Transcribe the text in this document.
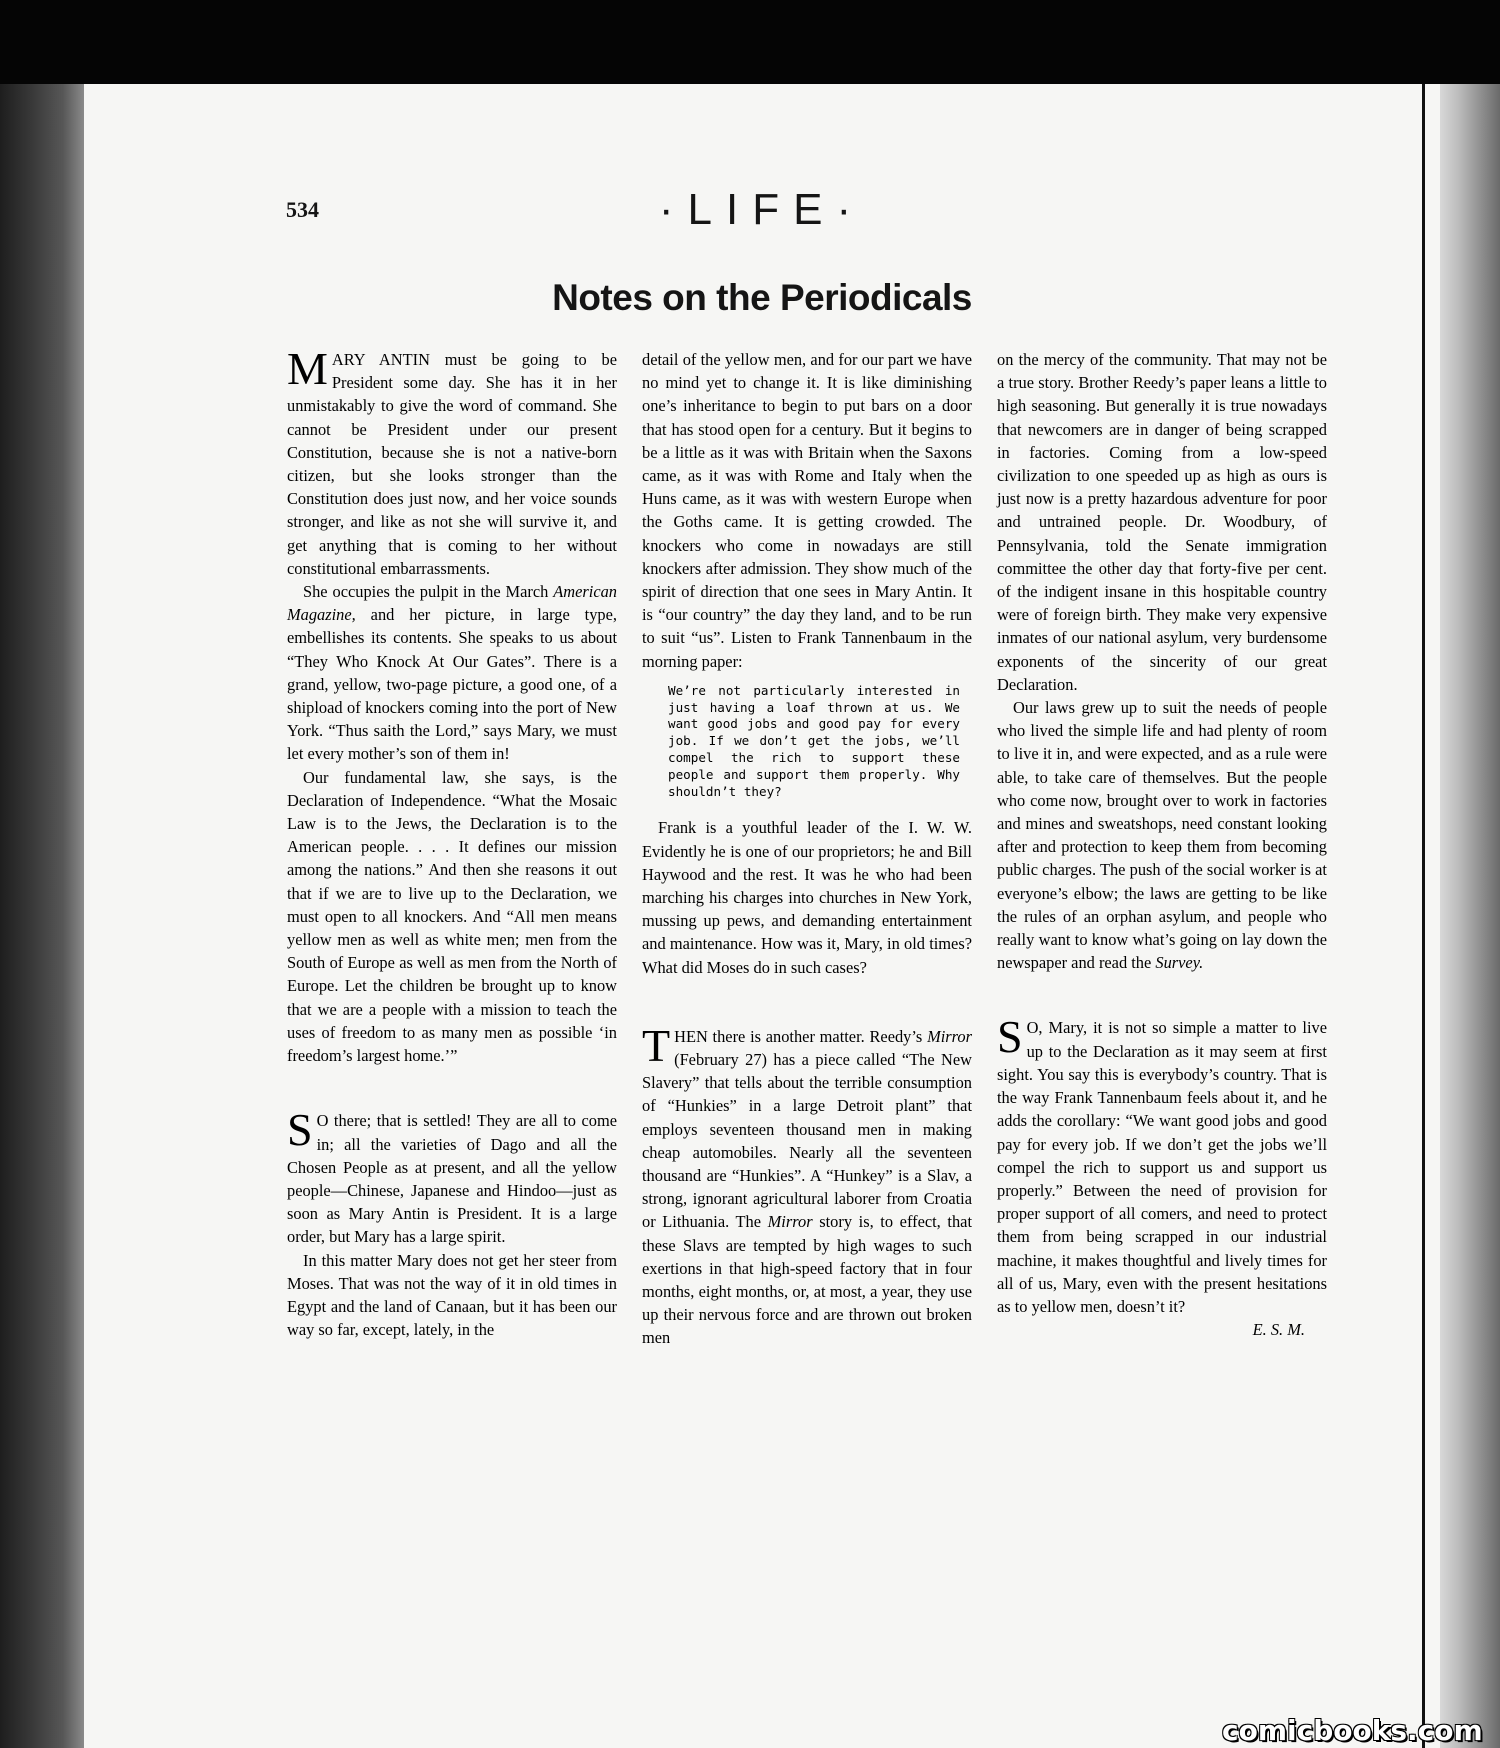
534	·LIFE·
Notes on the Periodicals

MARY ANTIN must be going to be President some day. She has it in her unmistakably to give the word of command. She cannot be President under our present Constitution, because she is not a native-born citizen, but she looks stronger than the Constitution does just now, and her voice sounds stronger, and like as not she will survive it, and get anything that is coming to her without constitutional embarrassments.

She occupies the pulpit in the March American Magazine, and her picture, in large type, embellishes its contents. She speaks to us about “They Who Knock At Our Gates”. There is a grand, yellow, two-page picture, a good one, of a shipload of knockers coming into the port of New York. “Thus saith the Lord,” says Mary, we must let every mother’s son of them in!

Our fundamental law, she says, is the Declaration of Independence. “What the Mosaic Law is to the Jews, the Declaration is to the American people. . . . It defines our mission among the nations.” And then she reasons it out that if we are to live up to the Declaration, we must open to all knockers. And “All men means yellow men as well as white men; men from the South of Europe as well as men from the North of Europe. Let the children be brought up to know that we are a people with a mission to teach the uses of freedom to as many men as possible ‘in freedom’s largest home.’”

S O there; that is settled! They are all to come in; all the varieties of Dago and all the Chosen People as at present, and all the yellow people—Chinese, Japanese and Hindoo—just as soon as Mary Antin is President. It is a large order, but Mary has a large spirit.

In this matter Mary does not get her steer from Moses. That was not the way of it in old times in Egypt and the land of Canaan, but it has been our way so far, except, lately, in the

detail of the yellow men, and for our part we have no mind yet to change it. It is like diminishing one’s inheritance to begin to put bars on a door that has stood open for a century. But it begins to be a little as it was with Britain when the Saxons came, as it was with Rome and Italy when the Huns came, as it was with western Europe when the Goths came. It is getting crowded. The knockers who come in nowadays are still knockers after admission. They show much of the spirit of direction that one sees in Mary Antin. It is “our country” the day they land, and to be run to suit “us”. Listen to Frank Tannenbaum in the morning paper:

We’re not particularly interested in just having a loaf thrown at us. We want good jobs and good pay for every job. If we don’t get the jobs, we’ll compel the rich to support these people and support them properly. Why shouldn’t they?

Frank is a youthful leader of the I. W. W. Evidently he is one of our proprietors; he and Bill Haywood and the rest. It was he who had been marching his charges into churches in New York, mussing up pews, and demanding entertainment and maintenance. How was it, Mary, in old times? What did Moses do in such cases?

THEN there is another matter. Reedy’s Mirror (February 27) has a piece called “The New Slavery” that tells about the terrible consumption of “Hunkies” in a large Detroit plant” that employs seventeen thousand men in making cheap automobiles. Nearly all the seventeen thousand are “Hunkies”. A “Hunkey” is a Slav, a strong, ignorant agricultural laborer from Croatia or Lithuania. The Mirror story is, to effect, that these Slavs are tempted by high wages to such exertions in that high-speed factory that in four months, eight months, or, at most, a year, they use up their nervous force and are thrown out broken men

on the mercy of the community. That may not be a true story. Brother Reedy’s paper leans a little to high seasoning. But generally it is true nowadays that newcomers are in danger of being scrapped in factories. Coming from a low-speed civilization to one speeded up as high as ours is just now is a pretty hazardous adventure for poor and untrained people. Dr. Woodbury, of Pennsylvania, told the Senate immigration committee the other day that forty-five per cent. of the indigent insane in this hospitable country were of foreign birth. They make very expensive inmates of our national asylum, very burdensome exponents of the sincerity of our great Declaration.

Our laws grew up to suit the needs of people who lived the simple life and had plenty of room to live it in, and were expected, and as a rule were able, to take care of themselves. But the people who come now, brought over to work in factories and mines and sweatshops, need constant looking after and protection to keep them from becoming public charges. The push of the social worker is at everyone’s elbow; the laws are getting to be like the rules of an orphan asylum, and people who really want to know what’s going on lay down the newspaper and read the Survey.

S O, Mary, it is not so simple a matter to live up to the Declaration as it may seem at first sight. You say this is everybody’s country. That is the way Frank Tannenbaum feels about it, and he adds the corollary: “We want good jobs and good pay for every job. If we don’t get the jobs we’ll compel the rich to support us and support us properly.” Between the need of provision for proper support of all comers, and need to protect them from being scrapped in our industrial machine, it makes thoughtful and lively times for all of us, Mary, even with the present hesitations as to yellow men, doesn’t it?

E. S. M.

comicbooks.com
